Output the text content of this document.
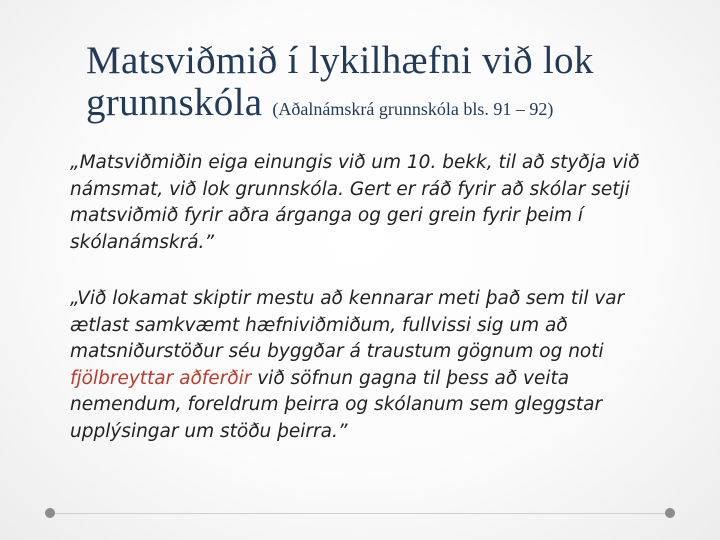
Matsviðmið í lykilhæfni við lok
grunnskóla (Aðalnámskrá grunnskóla bls. 91 – 92)

„Matsviðmiðin eiga einungis við um 10. bekk, til að styðja við námsmat, við lok grunnskóla. Gert er ráð fyrir að skólar setji matsviðmið fyrir aðra árganga og geri grein fyrir þeim í skólanámskrá.”

„Við lokamat skiptir mestu að kennarar meti það sem til var ætlast samkvæmt hæfniviðmiðum, fullvissi sig um að matsniðurstöður séu byggðar á traustum gögnum og noti fjölbreyttar aðferðir við söfnun gagna til þess að veita nemendum, foreldrum þeirra og skólanum sem gleggstar upplýsingar um stöðu þeirra.”
